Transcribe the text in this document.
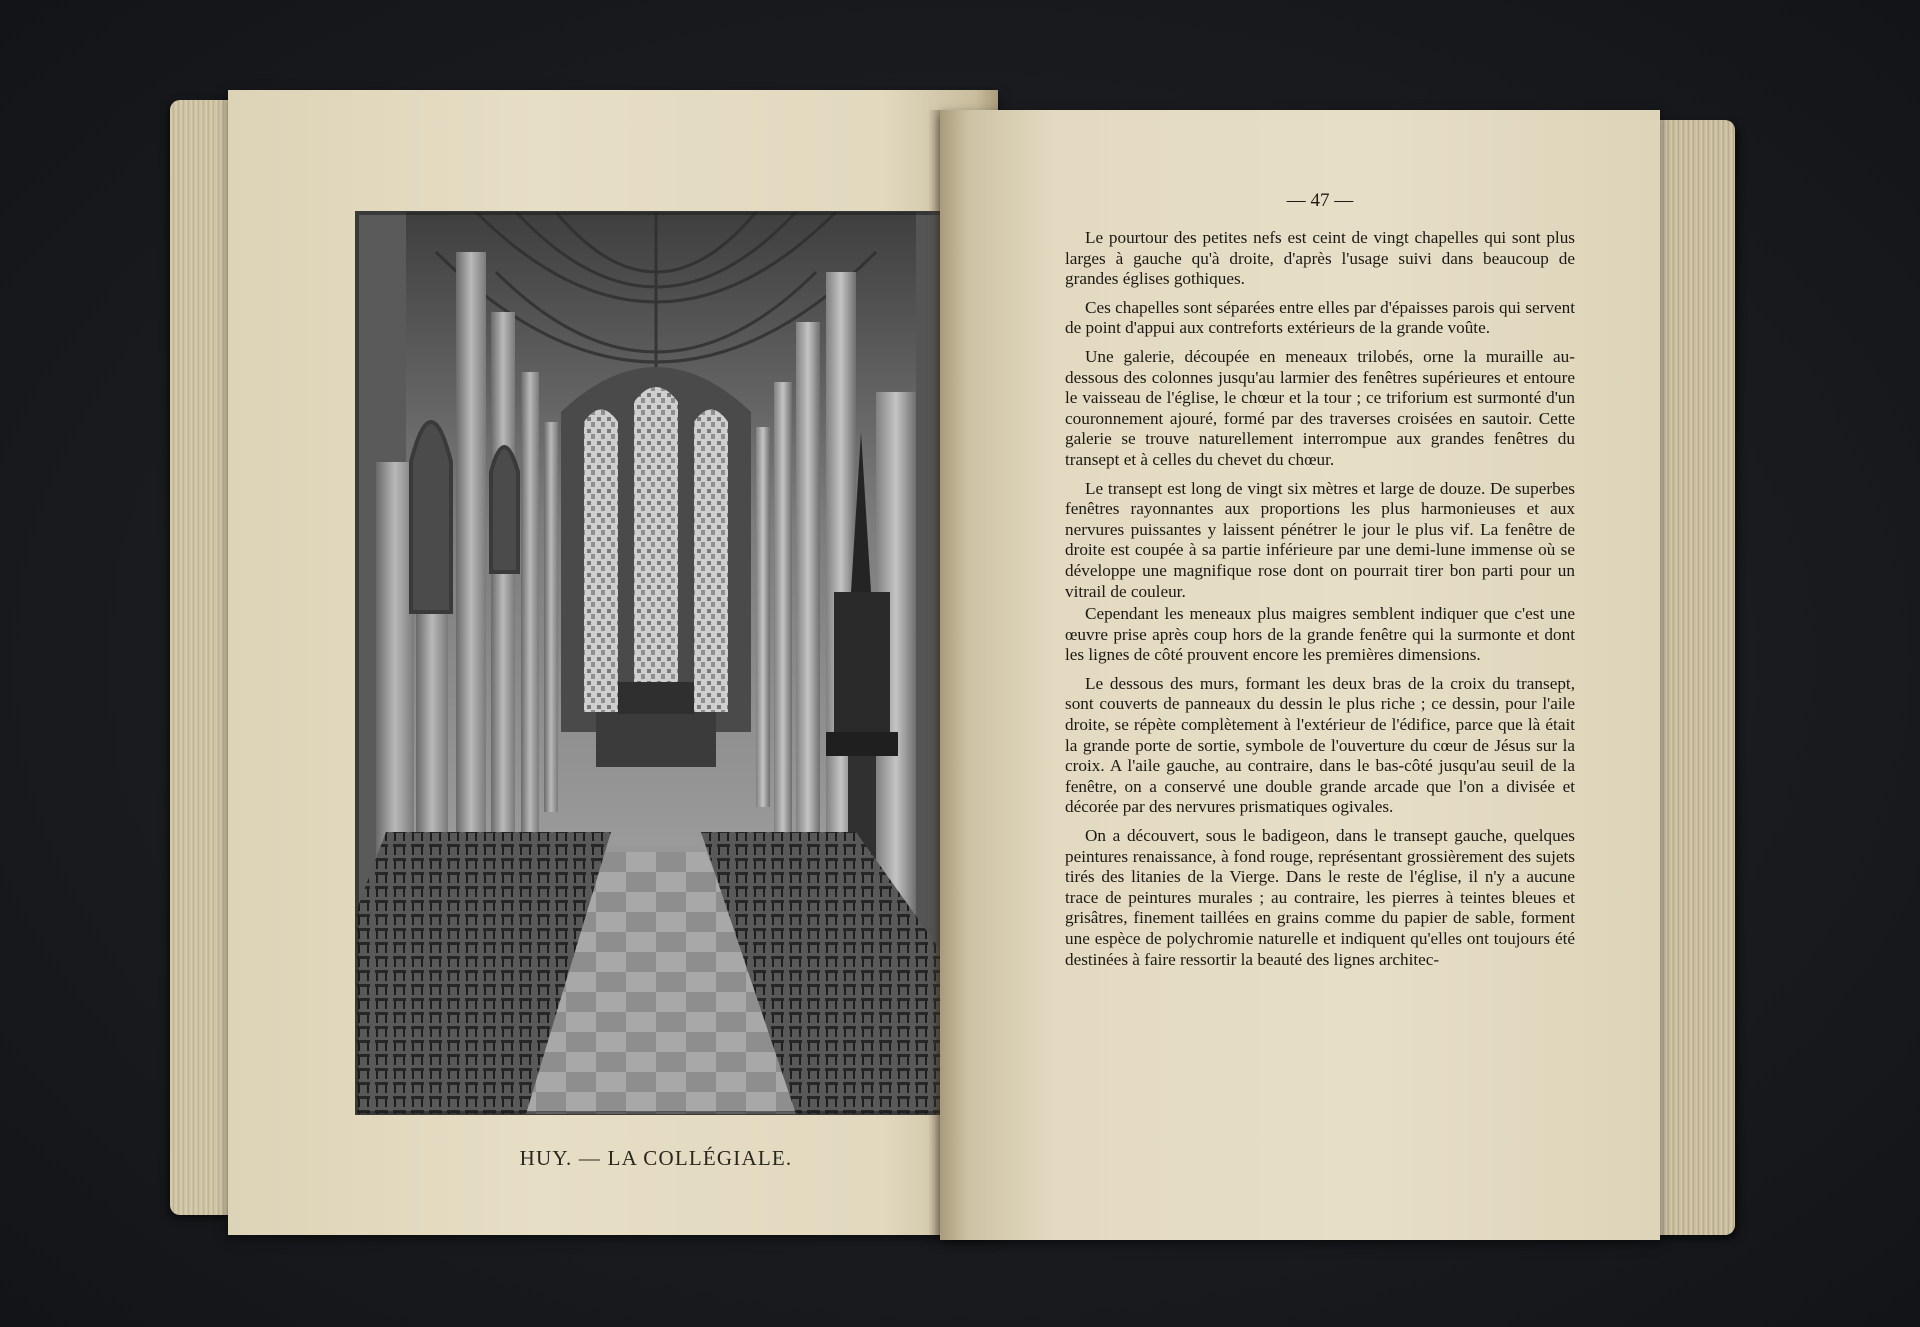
HUY. — LA COLLÉGIALE.
— 47 —

Le pourtour des petites nefs est ceint de vingt chapelles qui sont plus larges à gauche qu'à droite, d'après l'usage suivi dans beaucoup de grandes églises gothiques.

Ces chapelles sont séparées entre elles par d'épaisses parois qui servent de point d'appui aux contreforts extérieurs de la grande voûte.

Une galerie, découpée en meneaux trilobés, orne la muraille au-dessous des colonnes jusqu'au larmier des fenêtres supérieures et entoure le vaisseau de l'église, le chœur et la tour ; ce triforium est surmonté d'un couronnement ajouré, formé par des traverses croisées en sautoir. Cette galerie se trouve naturellement interrompue aux grandes fenêtres du transept et à celles du chevet du chœur.

Le transept est long de vingt six mètres et large de douze. De superbes fenêtres rayonnantes aux proportions les plus harmonieuses et aux nervures puissantes y laissent pénétrer le jour le plus vif. La fenêtre de droite est coupée à sa partie inférieure par une demi-lune immense où se développe une magnifique rose dont on pourrait tirer bon parti pour un vitrail de couleur.

Cependant les meneaux plus maigres semblent indiquer que c'est une œuvre prise après coup hors de la grande fenêtre qui la surmonte et dont les lignes de côté prouvent encore les premières dimensions.

Le dessous des murs, formant les deux bras de la croix du transept, sont couverts de panneaux du dessin le plus riche ; ce dessin, pour l'aile droite, se répète complètement à l'extérieur de l'édifice, parce que là était la grande porte de sortie, symbole de l'ouverture du cœur de Jésus sur la croix. A l'aile gauche, au contraire, dans le bas-côté jusqu'au seuil de la fenêtre, on a conservé une double grande arcade que l'on a divisée et décorée par des nervures prismatiques ogivales.

On a découvert, sous le badigeon, dans le transept gauche, quelques peintures renaissance, à fond rouge, représentant grossièrement des sujets tirés des litanies de la Vierge. Dans le reste de l'église, il n'y a aucune trace de peintures murales ; au contraire, les pierres à teintes bleues et grisâtres, finement taillées en grains comme du papier de sable, forment une espèce de polychromie naturelle et indiquent qu'elles ont toujours été destinées à faire ressortir la beauté des lignes architec-
